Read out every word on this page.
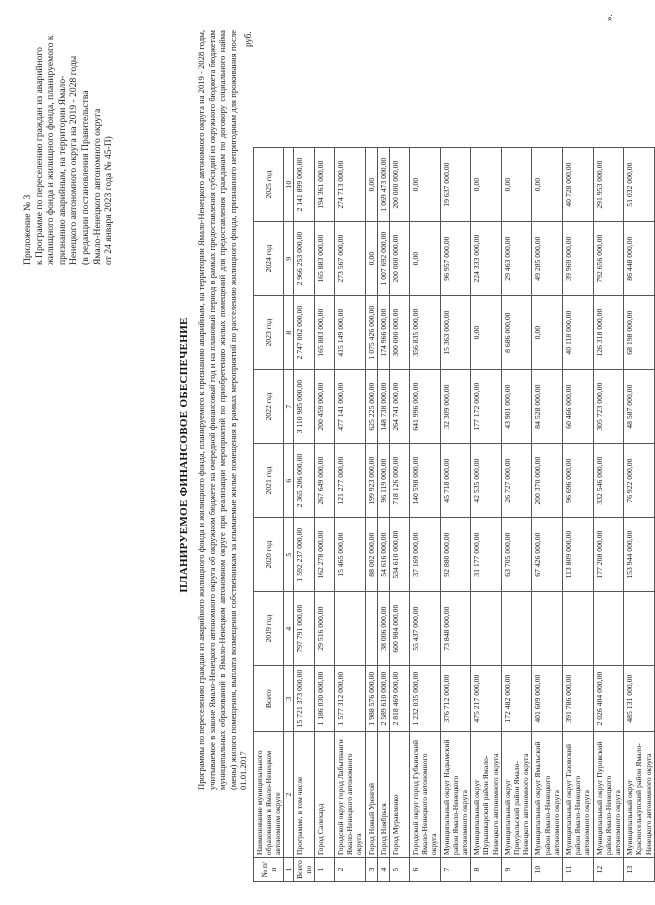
Приложение № 3 к Программе по переселению граждан из аварийного жилищного фонда и жилищного фонда, планируемого к признанию аварийным, на территории Ямало- Ненецкого автономного округа на 2019 - 2028 годы (в редакции постановления Правительства Ямало-Ненецкого автономного округа от 24 января 2023 года № 45-П)
ПЛАНИРУЕМОЕ ФИНАНСОВОЕ ОБЕСПЕЧЕНИЕ Программы по переселению граждан из аварийного жилищного фонда и жилищного фонда, планируемого к признанию аварийным, на территории Ямало-Ненецкого автономного округа на 2019 - 2028 годы, учитываемое в законе Ямало-Ненецкого автономного округа об окружном бюджете на очередной финансовый год и на плановый период в рамках предоставления субсидий из окружного бюджета бюджетам муниципальных образований в Ямало-Ненецком автономном округе при реализации мероприятий по приобретению жилых помещений для предоставления гражданам по договору социального найма (мены) жилого помещения, выплата возмещения собственникам за изымаемые жилые помещения в рамках мероприятий по расселению жилищного фонда, признанного непригодным для проживания после 01.01.2017
руб.
№ п/п	Наименование муниципального образования в Ямало-Ненецком автономном округе	Всего	2019 год	2020 год	2021 год	2022 год	2023 год	2024 год	2025 год
1	2	3	4	5	6	7	8	9	10
Всего по	Программе, в том числе	15 721 373 000,00	797 791 000,00	1 592 237 000,00	2 365 206 000,00	3 110 985 000,00	2 747 002 000,00	2 966 253 000,00	2 141 899 000,00
1	Город Салехард	1 186 030 000,00	29 516 000,00	162 278 000,00	267 649 000,00	200 459 000,00	165 883 000,00	165 883 000,00	194 361 000,00
2	Городской округ город Лабытнанги Ямало-Ненецкого автономного округа	1 577 312 000,00		15 465 000,00	121 277 000,00	477 141 000,00	415 149 000,00	273 567 000,00	274 713 000,00
3	Город Новый Уренгой	1 988 576 000,00		88 002 000,00	199 923 000,00	625 225 000,00	1 075 426 000,00	0,00	0,00
4	Город Ноябрьск	2 589 610 000,00	38 006 000,00	54 616 000,00	96 119 000,00	148 738 000,00	174 966 000,00	1 007 692 000,00	1 069 473 000,00
5	Город Муравленко	2 818 469 000,00	600 984 000,00	534 610 000,00	718 126 000,00	264 741 000,00	300 000 000,00	200 000 000,00	200 000 000,00
6	Городской округ город Губкинский Ямало-Ненецкого автономного округа	1 232 035 000,00	55 437 000,00	37 169 000,00	140 598 000,00	641 996 000,00	356 835 000,00	0,00	0,00
7	Муниципальный округ Надымский район Ямало-Ненецкого автономного округа	376 712 000,00	73 848 000,00	92 880 000,00	45 718 000,00	32 309 000,00	15 363 000,00	96 957 000,00	19 637 000,00
8	Муниципальный округ Шурышкарский район Ямало-Ненецкого автономного округа	475 217 000,00		31 177 000,00	42 535 000,00	177 172 000,00	0,00	224 333 000,00	0,00
9	Муниципальный округ Приуральский район Ямало-Ненецкого автономного округа	172 482 000,00		63 705 000,00	26 727 000,00	43 901 000,00	8 686 000,00	29 463 000,00	0,00
10	Муниципальный округ Ямальский район Ямало-Ненецкого автономного округа	401 609 000,00		67 426 000,00	200 370 000,00	84 528 000,00	0,00	49 285 000,00	0,00
11	Муниципальный округ Тазовский район Ямало-Ненецкого автономного округа	391 786 000,00		113 809 000,00	96 696 000,00	60 466 000,00	40 118 000,00	39 969 000,00	40 728 000,00
12	Муниципальный округ Пуровский район Ямало-Ненецкого автономного округа	2 026 404 000,00		177 208 000,00	332 546 000,00	305 723 000,00	126 318 000,00	792 656 000,00	291 953 000,00
13	Муниципальный округ Красноселькупский район Ямало-Ненецкого автономного округа	485 131 000,00		153 944 000,00	76 922 000,00	48 587 000,00	68 198 000,00	86 448 000,00	51 032 000,00
».
